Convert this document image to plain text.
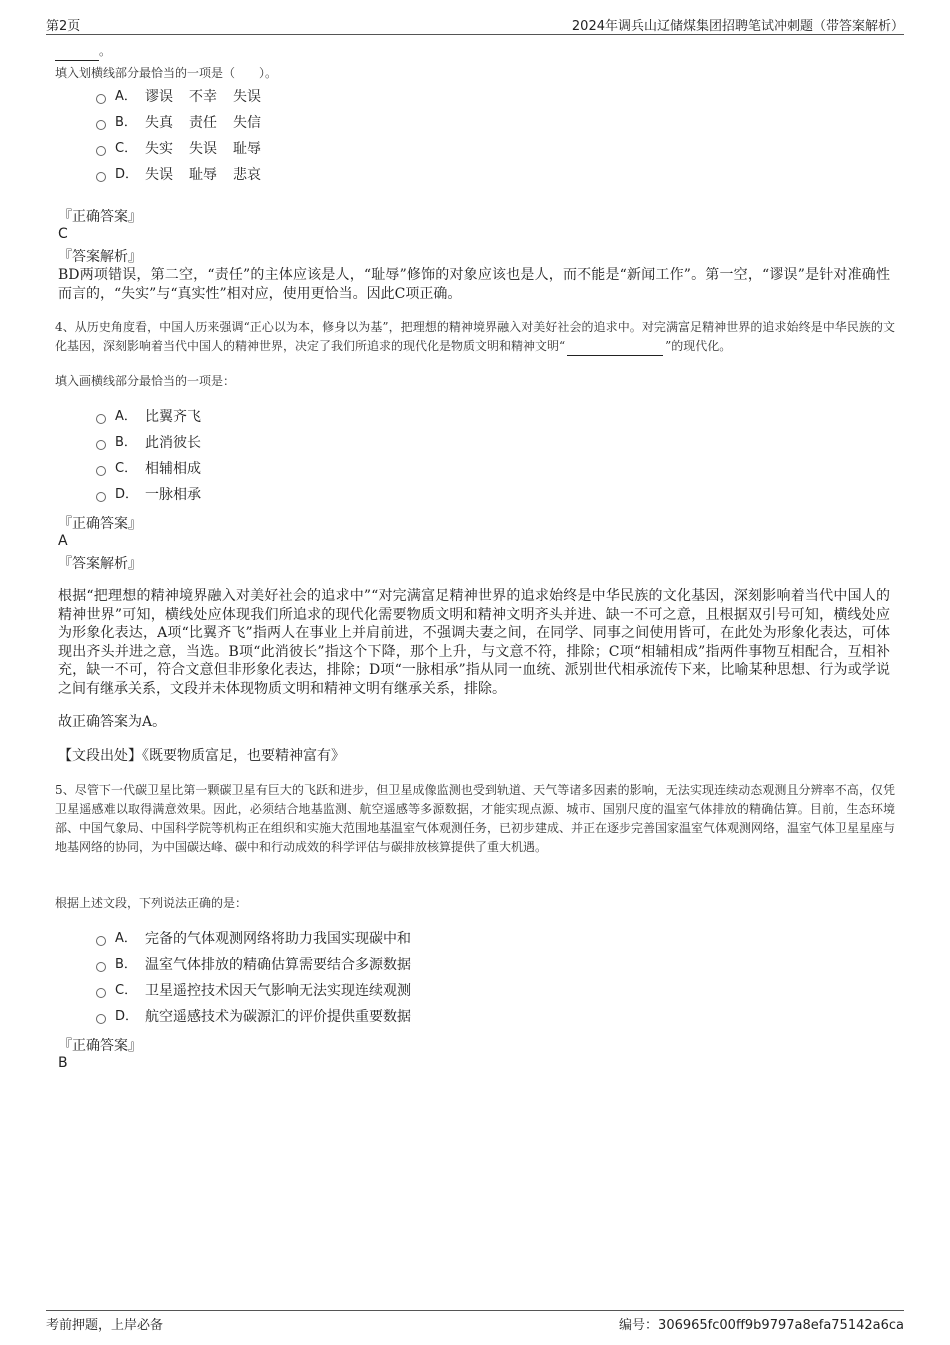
第2页	2024年调兵山辽储煤集团招聘笔试冲刺题（带答案解析）
。
填入划横线部分最恰当的一项是（　　）。
A． 谬误 不幸 失误
B． 失真 责任 失信
C． 失实 失误 耻辱
D． 失误 耻辱 悲哀
『正确答案』
C
『答案解析』
BD两项错误，第二空，“责任”的主体应该是人，“耻辱”修饰的对象应该也是人，而不能是“新闻工作”。第一空，“谬误”是针对准确性而言的，“失实”与“真实性”相对应，使用更恰当。因此C项正确。
4、从历史角度看，中国人历来强调“正心以为本，修身以为基”，把理想的精神境界融入对美好社会的追求中。对完满富足精神世界的追求始终是中华民族的文化基因，深刻影响着当代中国人的精神世界，决定了我们所追求的现代化是物质文明和精神文明“	”的现代化。
填入画横线部分最恰当的一项是：
A． 比翼齐飞
B． 此消彼长
C． 相辅相成
D． 一脉相承
『正确答案』
A
『答案解析』
根据“把理想的精神境界融入对美好社会的追求中”“对完满富足精神世界的追求始终是中华民族的文化基因，深刻影响着当代中国人的精神世界”可知，横线处应体现我们所追求的现代化需要物质文明和精神文明齐头并进、缺一不可之意，且根据双引号可知，横线处应为形象化表达，A项“比翼齐飞”指两人在事业上并肩前进，不强调夫妻之间，在同学、同事之间使用皆可，在此处为形象化表达，可体现出齐头并进之意，当选。B项“此消彼长”指这个下降，那个上升，与文意不符，排除；C项“相辅相成”指两件事物互相配合，互相补充，缺一不可，符合文意但非形象化表达，排除；D项“一脉相承”指从同一血统、派别世代相承流传下来，比喻某种思想、行为或学说之间有继承关系，文段并未体现物质文明和精神文明有继承关系，排除。
故正确答案为A。
【文段出处】《既要物质富足，也要精神富有》
5、尽管下一代碳卫星比第一颗碳卫星有巨大的飞跃和进步，但卫星成像监测也受到轨道、天气等诸多因素的影响，无法实现连续动态观测且分辨率不高，仅凭卫星遥感难以取得满意效果。因此，必须结合地基监测、航空遥感等多源数据，才能实现点源、城市、国别尺度的温室气体排放的精确估算。目前，生态环境部、中国气象局、中国科学院等机构正在组织和实施大范围地基温室气体观测任务，已初步建成、并正在逐步完善国家温室气体观测网络，温室气体卫星星座与地基网络的协同，为中国碳达峰、碳中和行动成效的科学评估与碳排放核算提供了重大机遇。
根据上述文段，下列说法正确的是：
A． 完备的气体观测网络将助力我国实现碳中和
B． 温室气体排放的精确估算需要结合多源数据
C． 卫星遥控技术因天气影响无法实现连续观测
D． 航空遥感技术为碳源汇的评价提供重要数据
『正确答案』
B
考前押题，上岸必备	编号：306965fc00ff9b9797a8efa75142a6ca
